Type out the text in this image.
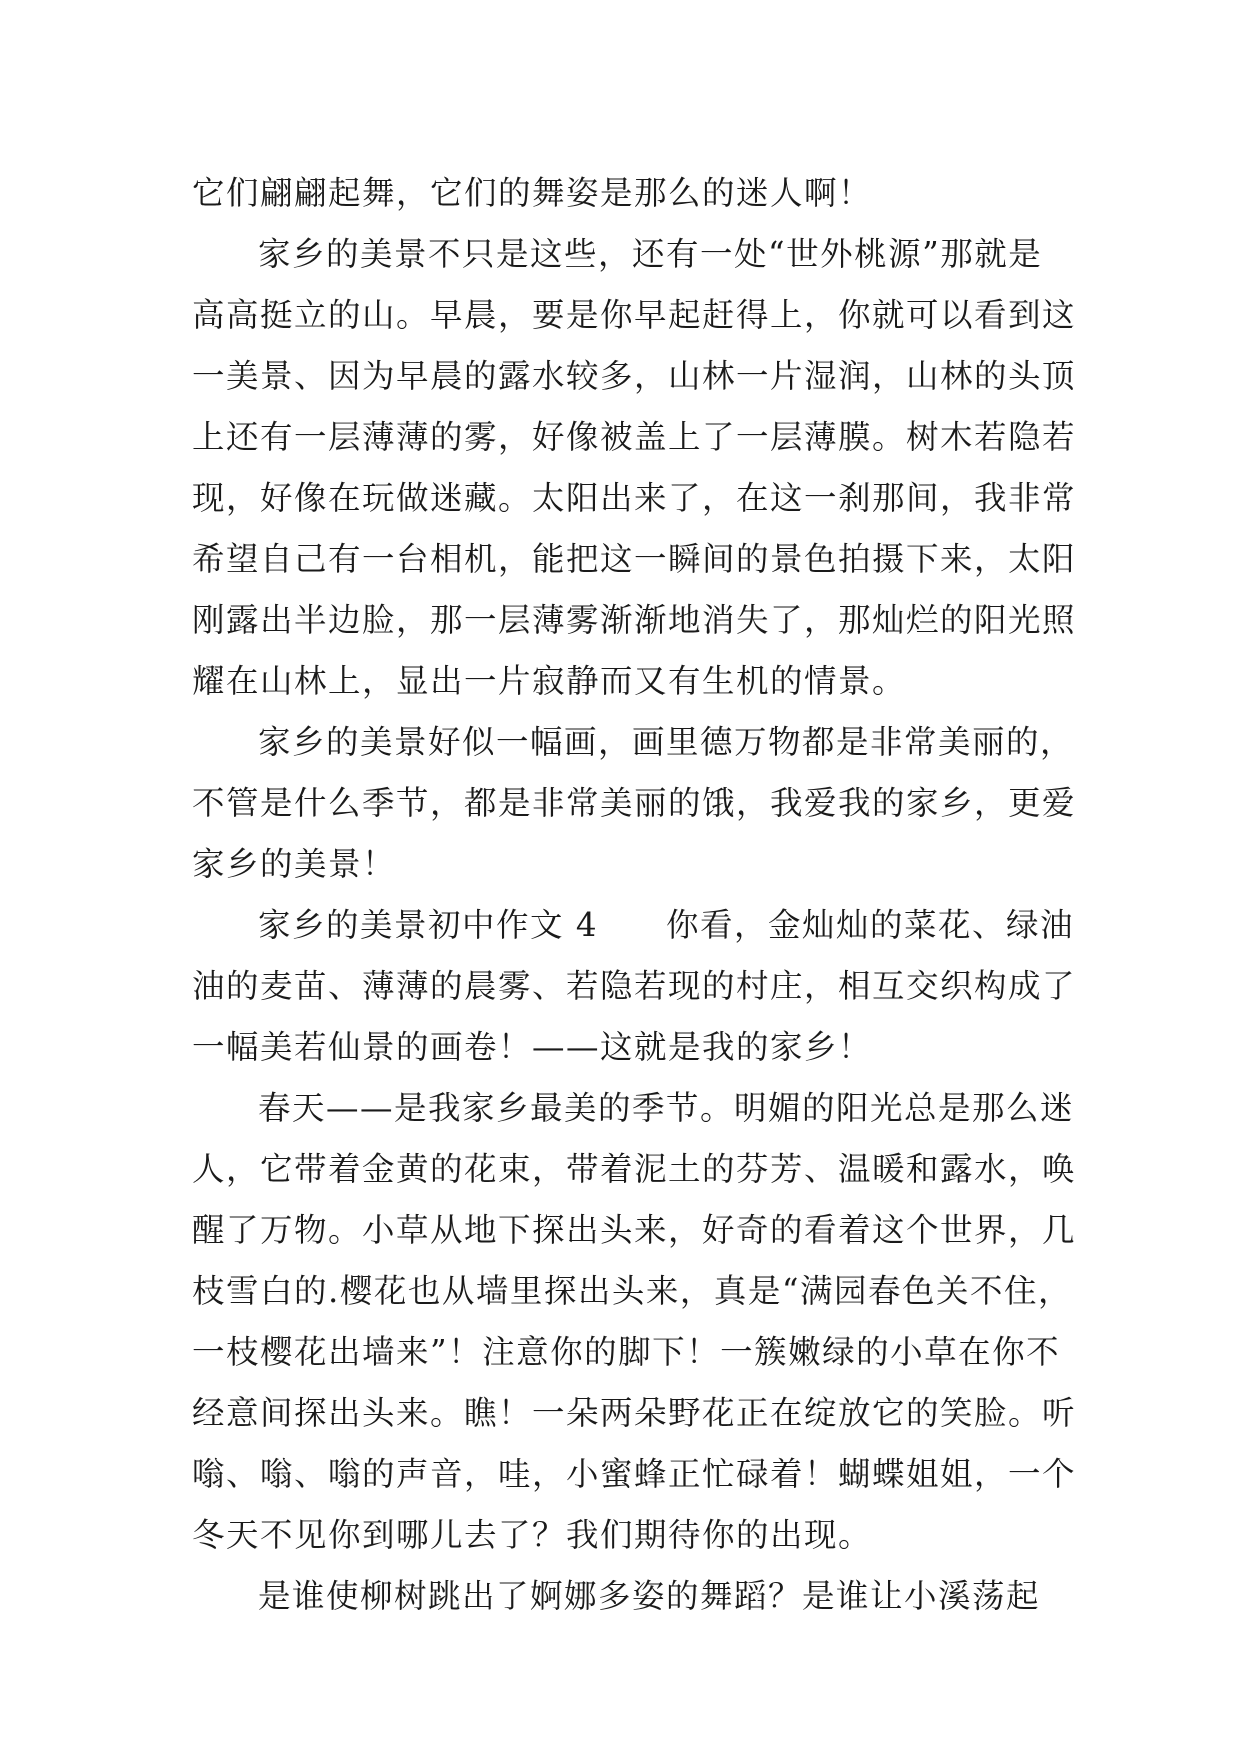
它们翩翩起舞，它们的舞姿是那么的迷人啊！
家乡的美景不只是这些，还有一处“世外桃源”那就是
高高挺立的山。早晨，要是你早起赶得上，你就可以看到这
一美景、因为早晨的露水较多，山林一片湿润，山林的头顶
上还有一层薄薄的雾，好像被盖上了一层薄膜。树木若隐若
现，好像在玩做迷藏。太阳出来了，在这一刹那间，我非常
希望自己有一台相机，能把这一瞬间的景色拍摄下来，太阳
刚露出半边脸，那一层薄雾渐渐地消失了，那灿烂的阳光照
耀在山林上，显出一片寂静而又有生机的情景。
家乡的美景好似一幅画，画里德万物都是非常美丽的，
不管是什么季节，都是非常美丽的饿，我爱我的家乡，更爱
家乡的美景！
家乡的美景初中作文 4　　你看，金灿灿的菜花、绿油
油的麦苗、薄薄的晨雾、若隐若现的村庄，相互交织构成了
一幅美若仙景的画卷！——这就是我的家乡！
春天——是我家乡最美的季节。明媚的阳光总是那么迷
人，它带着金黄的花束，带着泥土的芬芳、温暖和露水，唤
醒了万物。小草从地下探出头来，好奇的看着这个世界，几
枝雪白的.樱花也从墙里探出头来，真是“满园春色关不住，
一枝樱花出墙来”！注意你的脚下！一簇嫩绿的小草在你不
经意间探出头来。瞧！一朵两朵野花正在绽放它的笑脸。听
嗡、嗡、嗡的声音，哇，小蜜蜂正忙碌着！蝴蝶姐姐，一个
冬天不见你到哪儿去了？我们期待你的出现。
是谁使柳树跳出了婀娜多姿的舞蹈？是谁让小溪荡起
